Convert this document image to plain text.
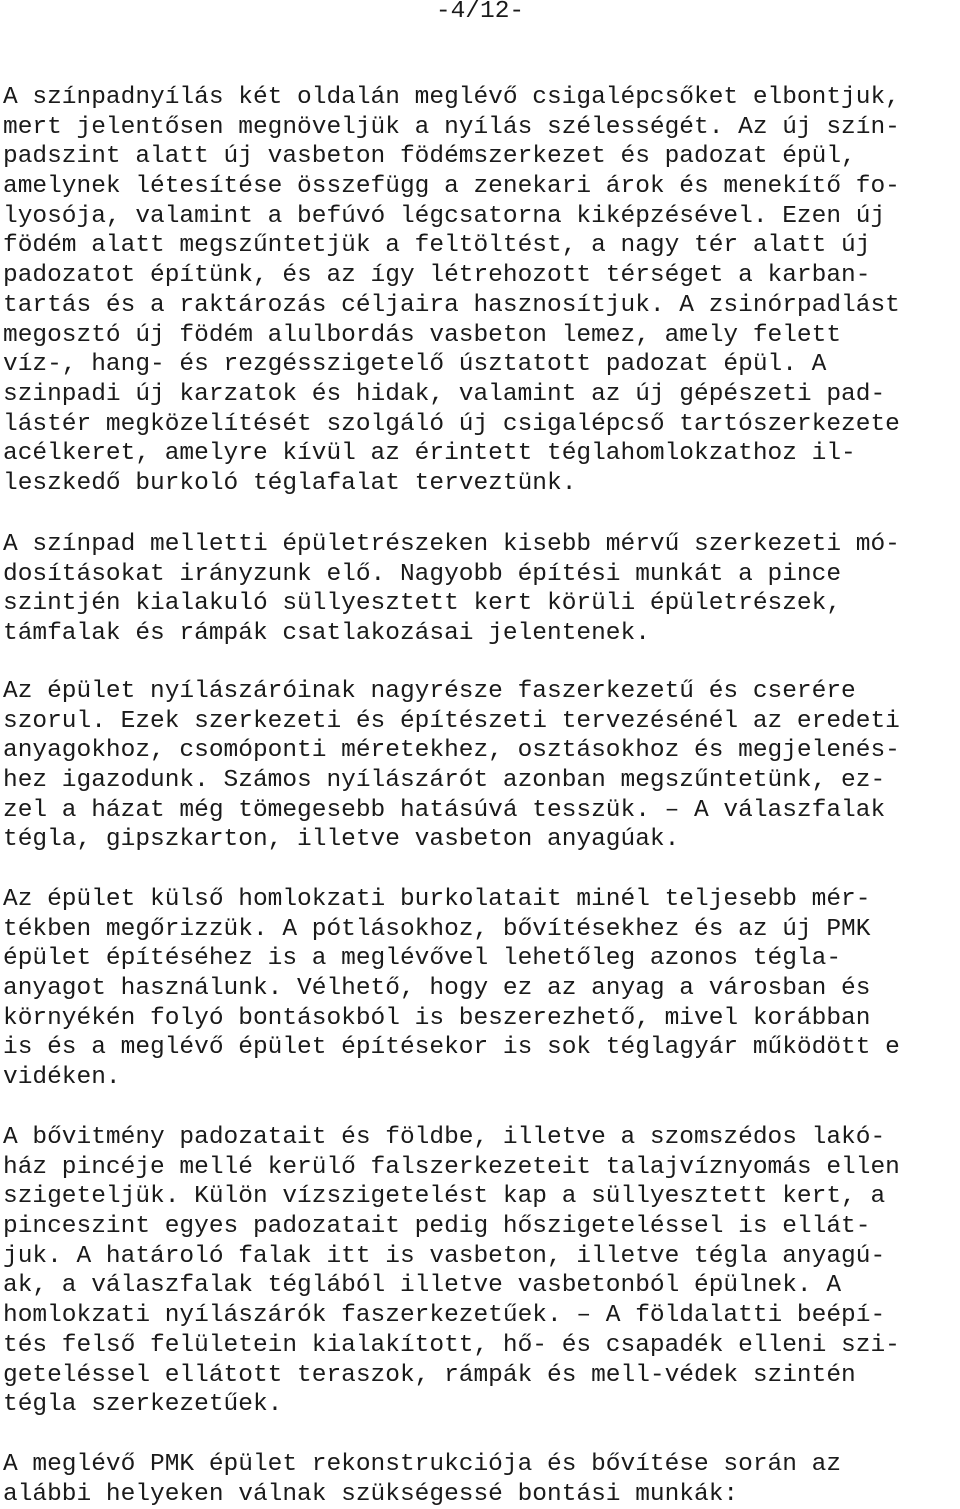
-4/12-
A színpadnyílás két oldalán meglévő csigalépcsőket elbontjuk,
mert jelentősen megnöveljük a nyílás szélességét. Az új szín-
padszint alatt új vasbeton födémszerkezet és padozat épül,
amelynek létesítése összefügg a zenekari árok és menekítő fo-
lyosója, valamint a befúvó légcsatorna kiképzésével. Ezen új
födém alatt megszűntetjük a feltöltést, a nagy tér alatt új
padozatot építünk, és az így létrehozott térséget a karban-
tartás és a raktározás céljaira hasznosítjuk. A zsinórpadlást
megosztó új födém alulbordás vasbeton lemez, amely felett
víz-, hang- és rezgésszigetelő úsztatott padozat épül. A
szinpadi új karzatok és hidak, valamint az új gépészeti pad-
lástér megközelítését szolgáló új csigalépcső tartószerkezete
acélkeret, amelyre kívül az érintett téglahomlokzathoz il-
leszkedő burkoló téglafalat terveztünk.
A színpad melletti épületrészeken kisebb mérvű szerkezeti mó-
dosításokat irányzunk elő. Nagyobb építési munkát a pince
szintjén kialakuló süllyesztett kert körüli épületrészek,
támfalak és rámpák csatlakozásai jelentenek.
Az épület nyílászáróinak nagyrésze faszerkezetű és cserére
szorul. Ezek szerkezeti és építészeti tervezésénél az eredeti
anyagokhoz, csomóponti méretekhez, osztásokhoz és megjelenés-
hez igazodunk. Számos nyílászárót azonban megszűntetünk, ez-
zel a házat még tömegesebb hatásúvá tesszük. – A válaszfalak
tégla, gipszkarton, illetve vasbeton anyagúak.
Az épület külső homlokzati burkolatait minél teljesebb mér-
tékben megőrizzük. A pótlásokhoz, bővítésekhez és az új PMK
épület építéséhez is a meglévővel lehetőleg azonos tégla-
anyagot használunk. Vélhető, hogy ez az anyag a városban és
környékén folyó bontásokból is beszerezhető, mivel korábban
is és a meglévő épület építésekor is sok téglagyár működött e
vidéken.
A bővitmény padozatait és földbe, illetve a szomszédos lakó-
ház pincéje mellé kerülő falszerkezeteit talajvíznyomás ellen
szigeteljük. Külön vízszigetelést kap a süllyesztett kert, a
pinceszint egyes padozatait pedig hőszigeteléssel is ellát-
juk. A határoló falak itt is vasbeton, illetve tégla anyagú-
ak, a válaszfalak téglából illetve vasbetonból épülnek. A
homlokzati nyílászárók faszerkezetűek. – A földalatti beépí-
tés felső felületein kialakított, hő- és csapadék elleni szi-
geteléssel ellátott teraszok, rámpák és mell-védek szintén
tégla szerkezetűek.
A meglévő PMK épület rekonstrukciója és bővítése során az
alábbi helyeken válnak szükségessé bontási munkák:
